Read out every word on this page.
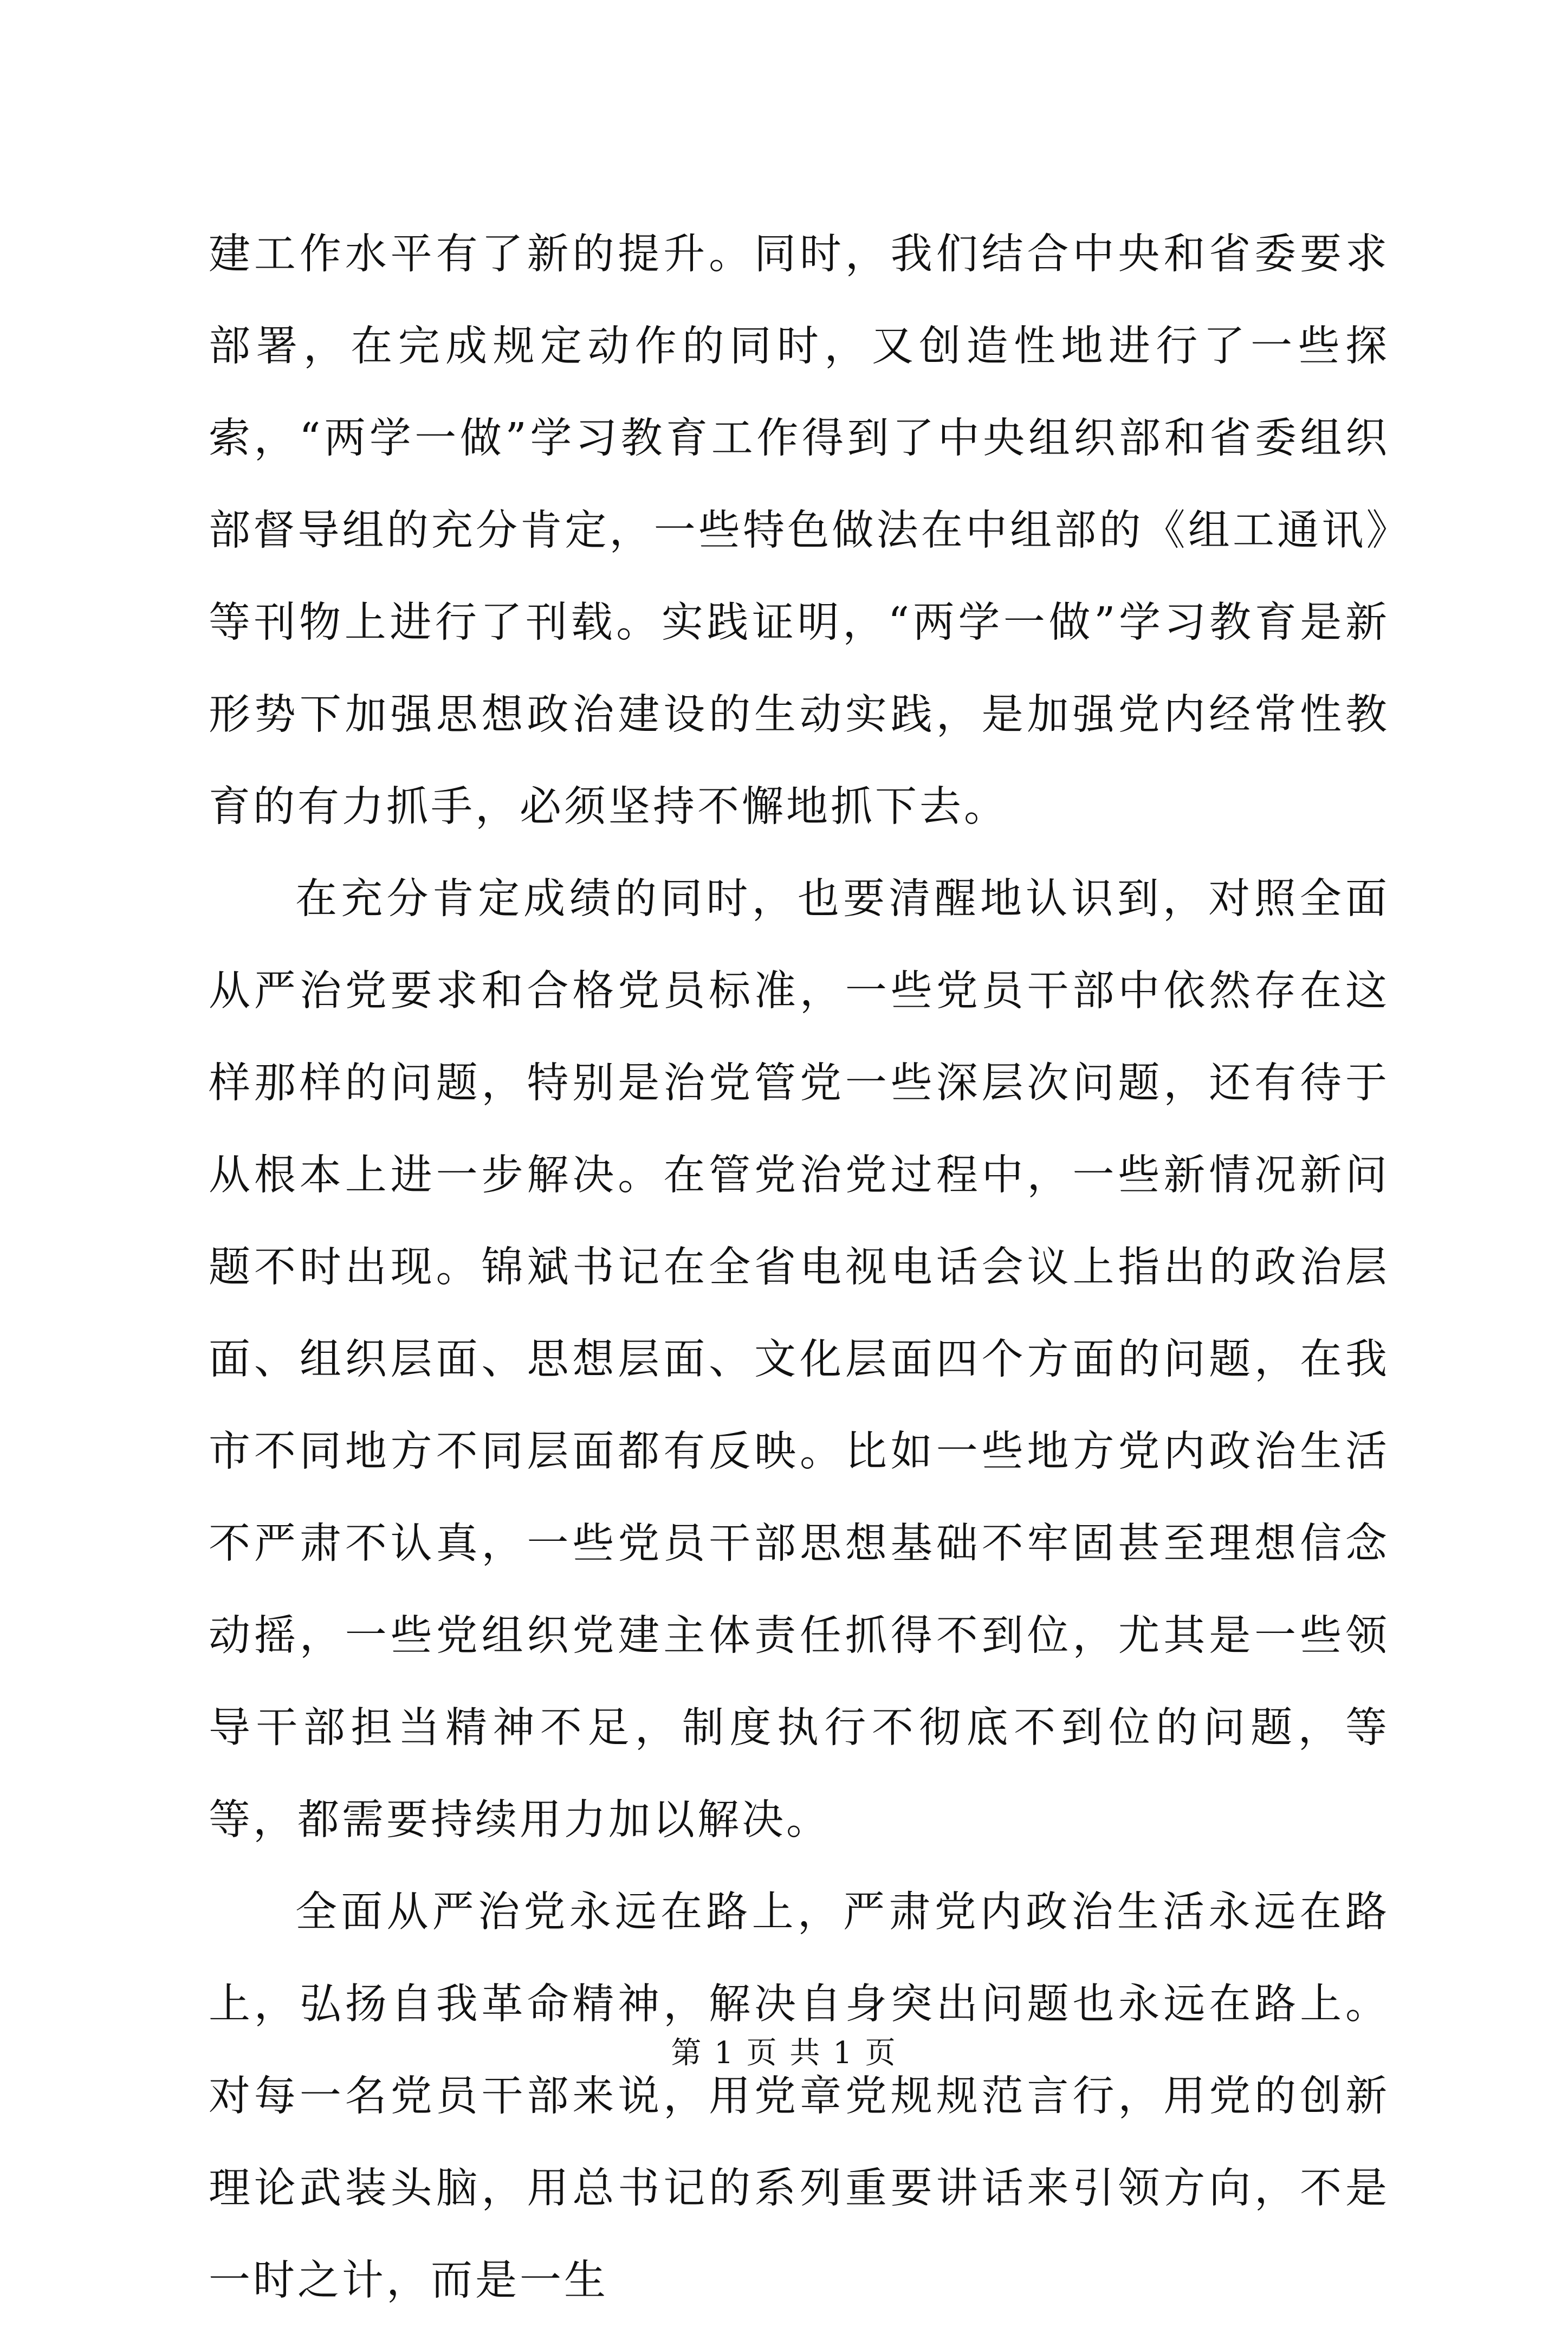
建工作水平有了新的提升。同时，我们结合中央和省委要求部署，在完成规定动作的同时，又创造性地进行了一些探索，“两学一做”学习教育工作得到了中央组织部和省委组织部督导组的充分肯定，一些特色做法在中组部的《组工通讯》等刊物上进行了刊载。实践证明，“两学一做”学习教育是新形势下加强思想政治建设的生动实践，是加强党内经常性教育的有力抓手，必须坚持不懈地抓下去。

在充分肯定成绩的同时，也要清醒地认识到，对照全面从严治党要求和合格党员标准，一些党员干部中依然存在这样那样的问题，特别是治党管党一些深层次问题，还有待于从根本上进一步解决。在管党治党过程中，一些新情况新问题不时出现。锦斌书记在全省电视电话会议上指出的政治层面、组织层面、思想层面、文化层面四个方面的问题，在我市不同地方不同层面都有反映。比如一些地方党内政治生活不严肃不认真，一些党员干部思想基础不牢固甚至理想信念动摇，一些党组织党建主体责任抓得不到位，尤其是一些领导干部担当精神不足，制度执行不彻底不到位的问题，等等，都需要持续用力加以解决。

全面从严治党永远在路上，严肃党内政治生活永远在路上，弘扬自我革命精神，解决自身突出问题也永远在路上。对每一名党员干部来说，用党章党规规范言行，用党的创新理论武装头脑，用总书记的系列重要讲话来引领方向，不是一时之计，而是一生

第 1 页 共 1 页
